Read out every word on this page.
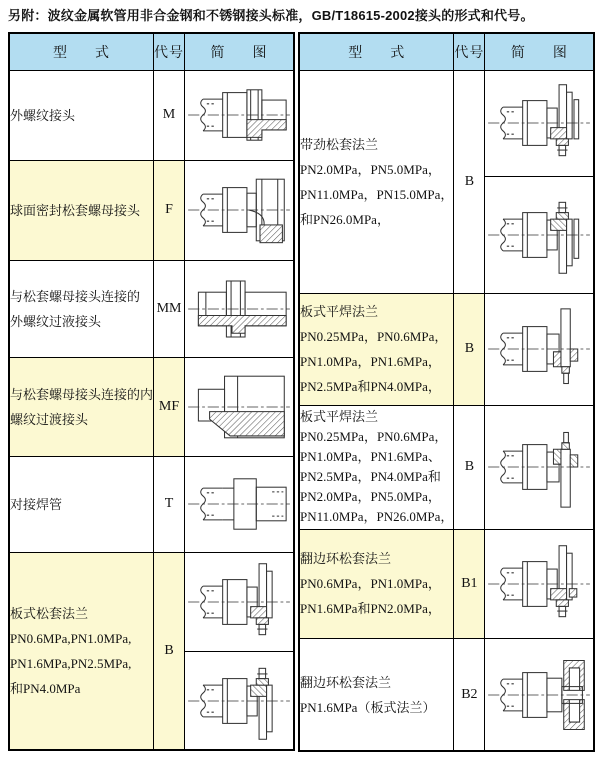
另附：波纹金属软管用非合金钢和不锈钢接头标准，GB/T18615-2002接头的形式和代号。
型      式	代号	简      图

外螺纹接头	M	

球面密封松套螺母接头	F	

与松套螺母接头连接的
外螺纹过液接头	MM	

与松套螺母接头连接的内
螺纹过渡接头	MF	

对接焊管	T	

板式松套法兰
PN0.6MPa,PN1.0MPa,
PN1.6MPa,PN2.5MPa,
和PN4.0MPa	B	

型      式	代号	简      图

带劲松套法兰
PN2.0MPa，PN5.0MPa，
PN11.0MPa，PN15.0MPa，
和PN26.0MPa，	B	

板式平焊法兰
PN0.25MPa，PN0.6MPa，
PN1.0MPa，PN1.6MPa，
PN2.5MPa和PN4.0MPa，	B	

板式平焊法兰
PN0.25MPa，PN0.6MPa，
PN1.0MPa，PN1.6MPa、
PN2.5MPa，PN4.0MPa和
PN2.0MPa，PN5.0MPa，
PN11.0MPa，PN26.0MPa，
	B	

翻边环松套法兰
PN0.6MPa，PN1.0MPa，
PN1.6MPa和PN2.0MPa，	B1	

翻边环松套法兰
PN1.6MPa（板式法兰）	B2	
